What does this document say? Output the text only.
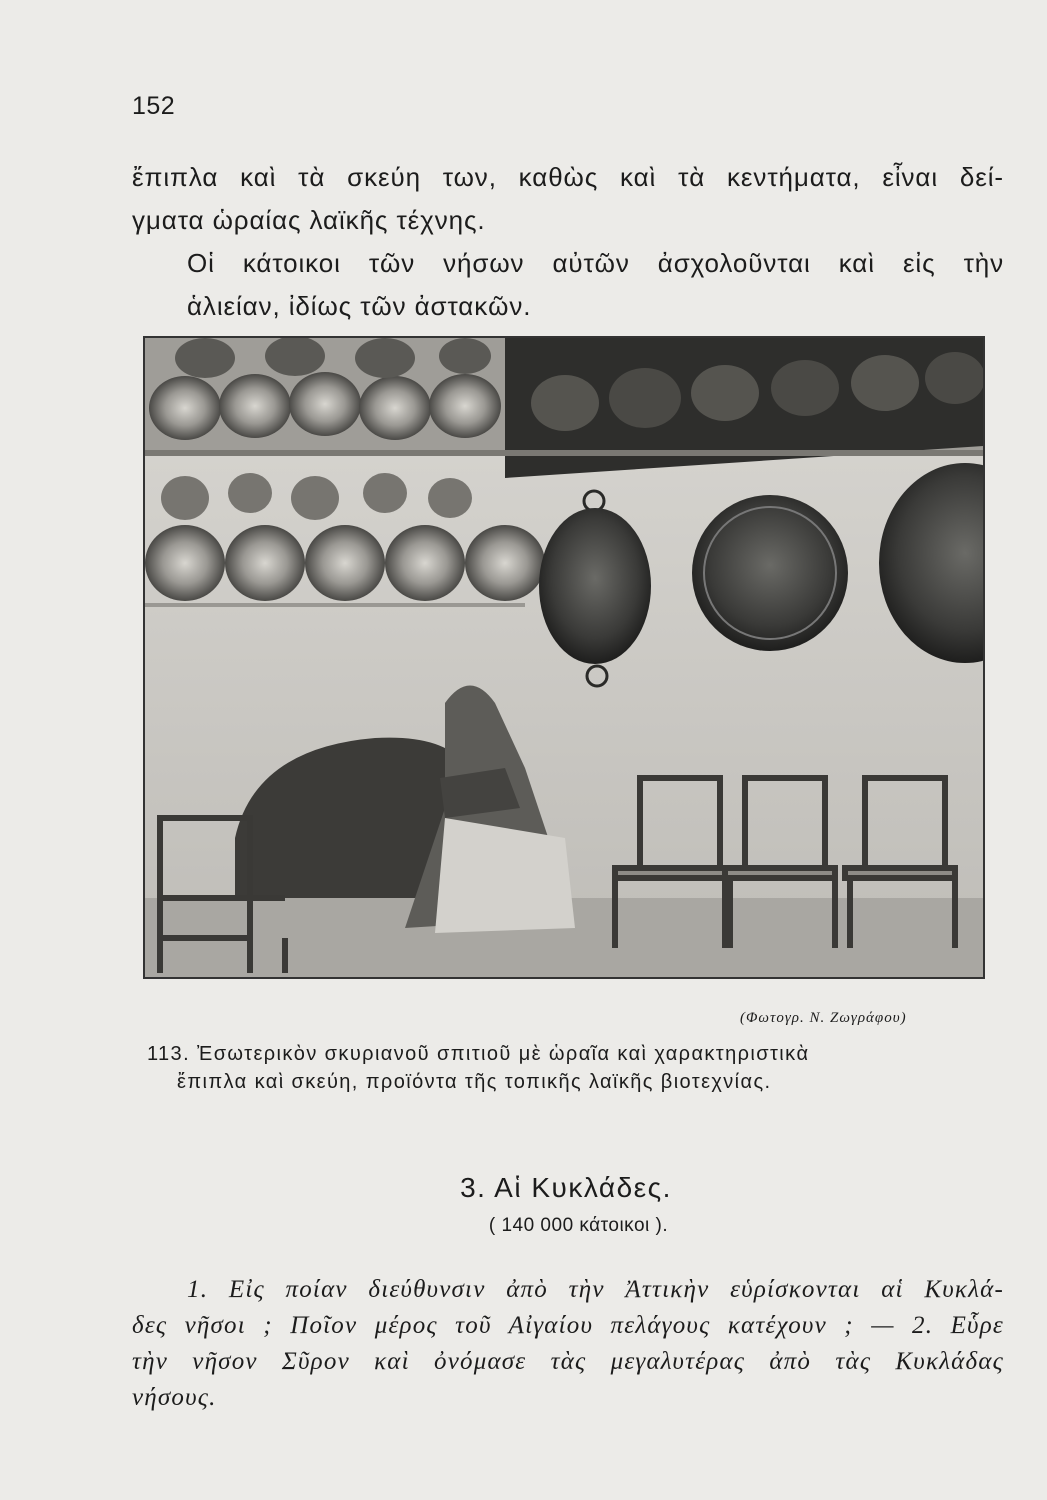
152
ἔπιπλα καὶ τὰ σκεύη των, καθὼς καὶ τὰ κεντήματα, εἶναι δεί-
γματα ὡραίας λαϊκῆς τέχνης.
Οἱ κάτοικοι τῶν νήσων αὐτῶν ἀσχολοῦνται καὶ εἰς τὴν
ἁλιείαν, ἰδίως τῶν ἀστακῶν.
(Φωτογρ. Ν. Ζωγράφου)
113. Ἐσωτερικὸν σκυριανοῦ σπιτιοῦ μὲ ὡραῖα καὶ χαρακτηριστικὰ
ἔπιπλα καὶ σκεύη, προϊόντα τῆς τοπικῆς λαϊκῆς βιοτεχνίας.
3. Αἱ Κυκλάδες.
( 140 000 κάτοικοι ).
1. Εἰς ποίαν διεύθυνσιν ἀπὸ τὴν Ἀττικὴν εὑρίσκονται αἱ Κυκλά-
δες νῆσοι ; Ποῖον μέρος τοῦ Αἰγαίου πελάγους κατέχουν ; — 2. Εὗρε
τὴν νῆσον Σῦρον καὶ ὀνόμασε τὰς μεγαλυτέρας ἀπὸ τὰς Κυκλάδας
νήσους.
